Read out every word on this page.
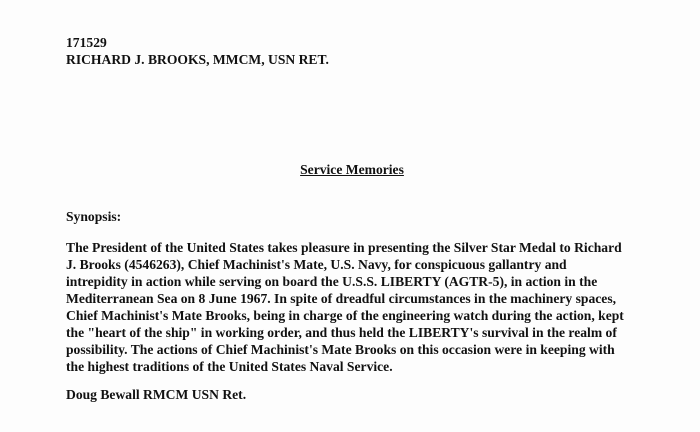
171529

RICHARD J. BROOKS, MMCM, USN RET.

Service Memories

Synopsis:

The President of the United States takes pleasure in presenting the Silver Star Medal to Richard
J. Brooks (4546263), Chief Machinist's Mate, U.S. Navy, for conspicuous gallantry and
intrepidity in action while serving on board the U.S.S. LIBERTY (AGTR-5), in action in the
Mediterranean Sea on 8 June 1967. In spite of dreadful circumstances in the machinery spaces,
Chief Machinist's Mate Brooks, being in charge of the engineering watch during the action, kept
the "heart of the ship" in working order, and thus held the LIBERTY's survival in the realm of
possibility. The actions of Chief Machinist's Mate Brooks on this occasion were in keeping with
the highest traditions of the United States Naval Service.

Doug Bewall RMCM USN Ret.
